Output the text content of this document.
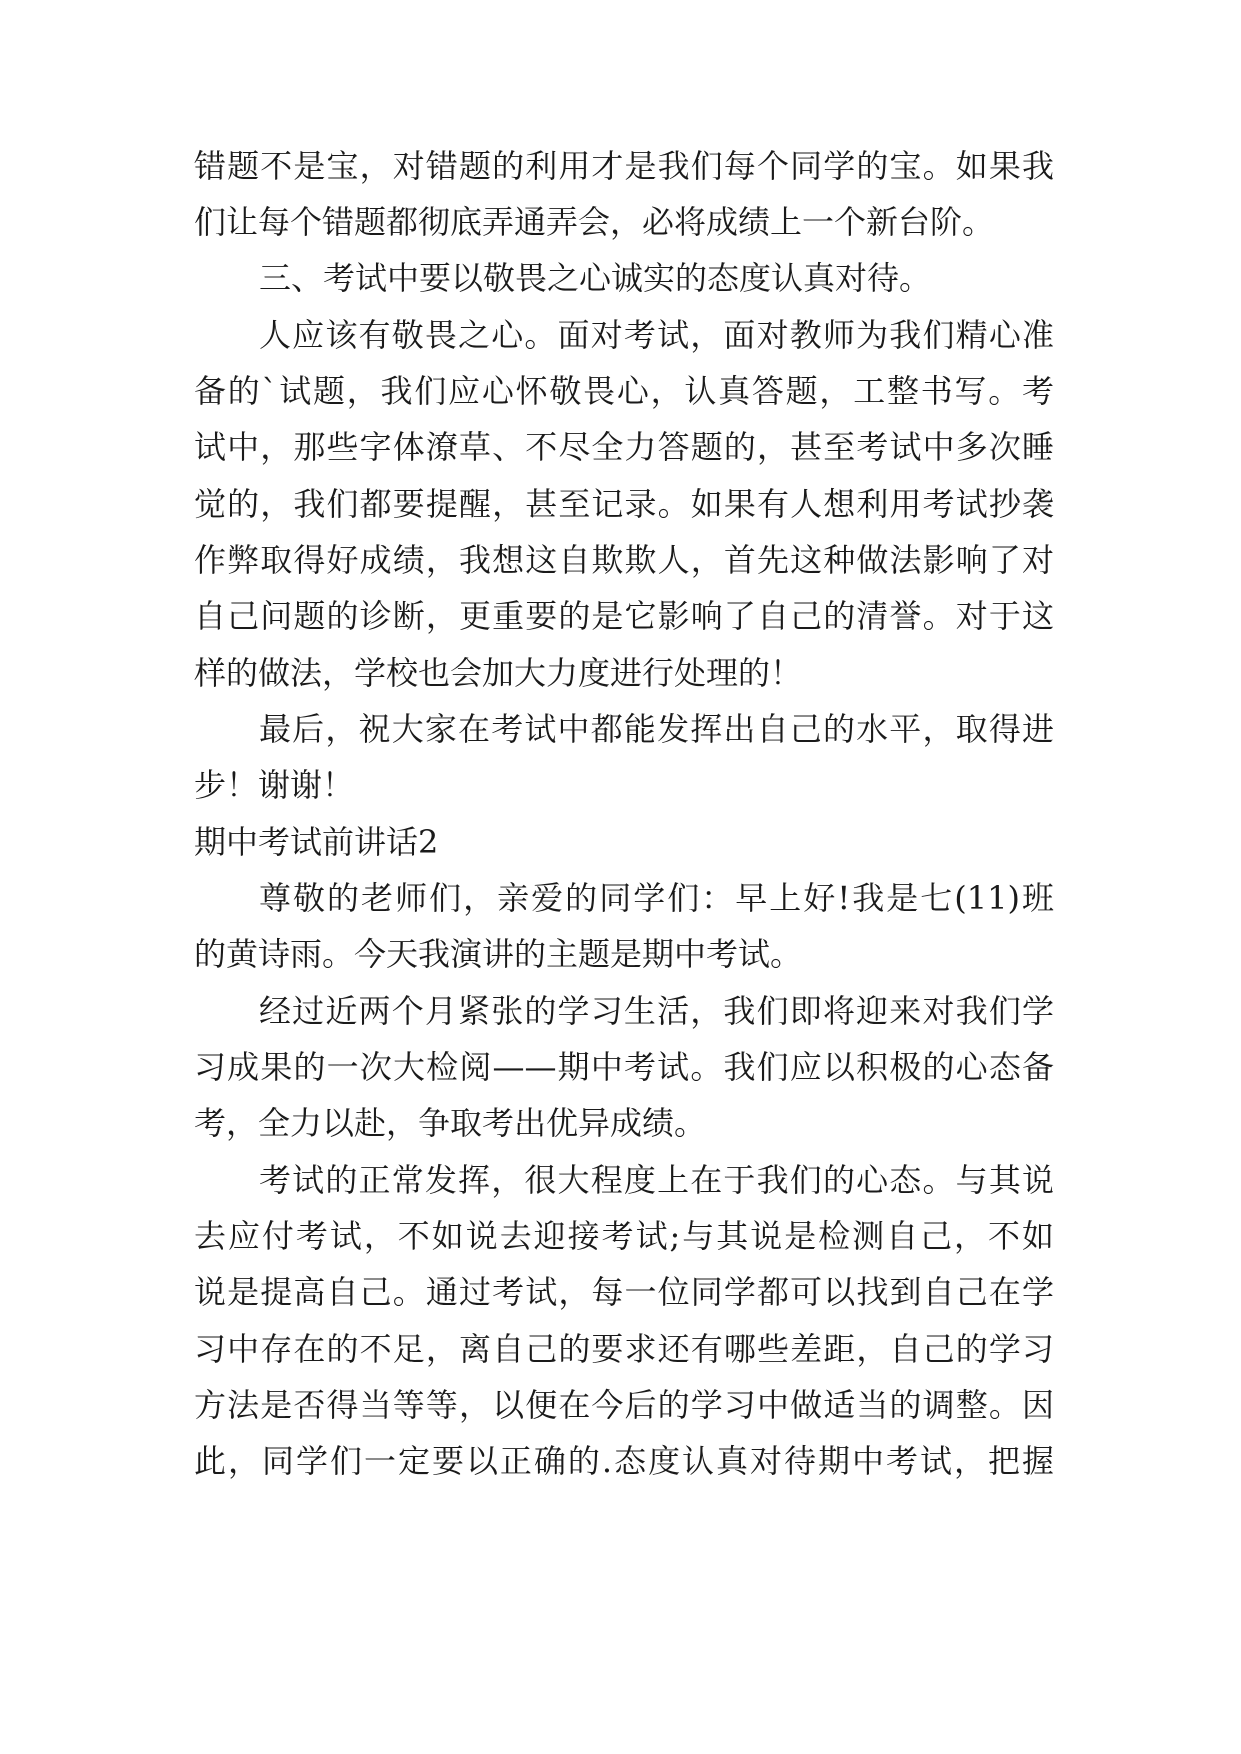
错题不是宝，对错题的利用才是我们每个同学的宝。如果我
们让每个错题都彻底弄通弄会，必将成绩上一个新台阶。
三、考试中要以敬畏之心诚实的态度认真对待。
人应该有敬畏之心。面对考试，面对教师为我们精心准
备的`试题，我们应心怀敬畏心，认真答题，工整书写。考
试中，那些字体潦草、不尽全力答题的，甚至考试中多次睡
觉的，我们都要提醒，甚至记录。如果有人想利用考试抄袭
作弊取得好成绩，我想这自欺欺人，首先这种做法影响了对
自己问题的诊断，更重要的是它影响了自己的清誉。对于这
样的做法，学校也会加大力度进行处理的！
最后，祝大家在考试中都能发挥出自己的水平，取得进
步！谢谢！
期中考试前讲话2
尊敬的老师们，亲爱的同学们：早上好!我是七(11)班
的黄诗雨。今天我演讲的主题是期中考试。
经过近两个月紧张的学习生活，我们即将迎来对我们学
习成果的一次大检阅——期中考试。我们应以积极的心态备
考，全力以赴，争取考出优异成绩。
考试的正常发挥，很大程度上在于我们的心态。与其说
去应付考试，不如说去迎接考试;与其说是检测自己，不如
说是提高自己。通过考试，每一位同学都可以找到自己在学
习中存在的不足，离自己的要求还有哪些差距，自己的学习
方法是否得当等等，以便在今后的学习中做适当的调整。因
此，同学们一定要以正确的.态度认真对待期中考试，把握
